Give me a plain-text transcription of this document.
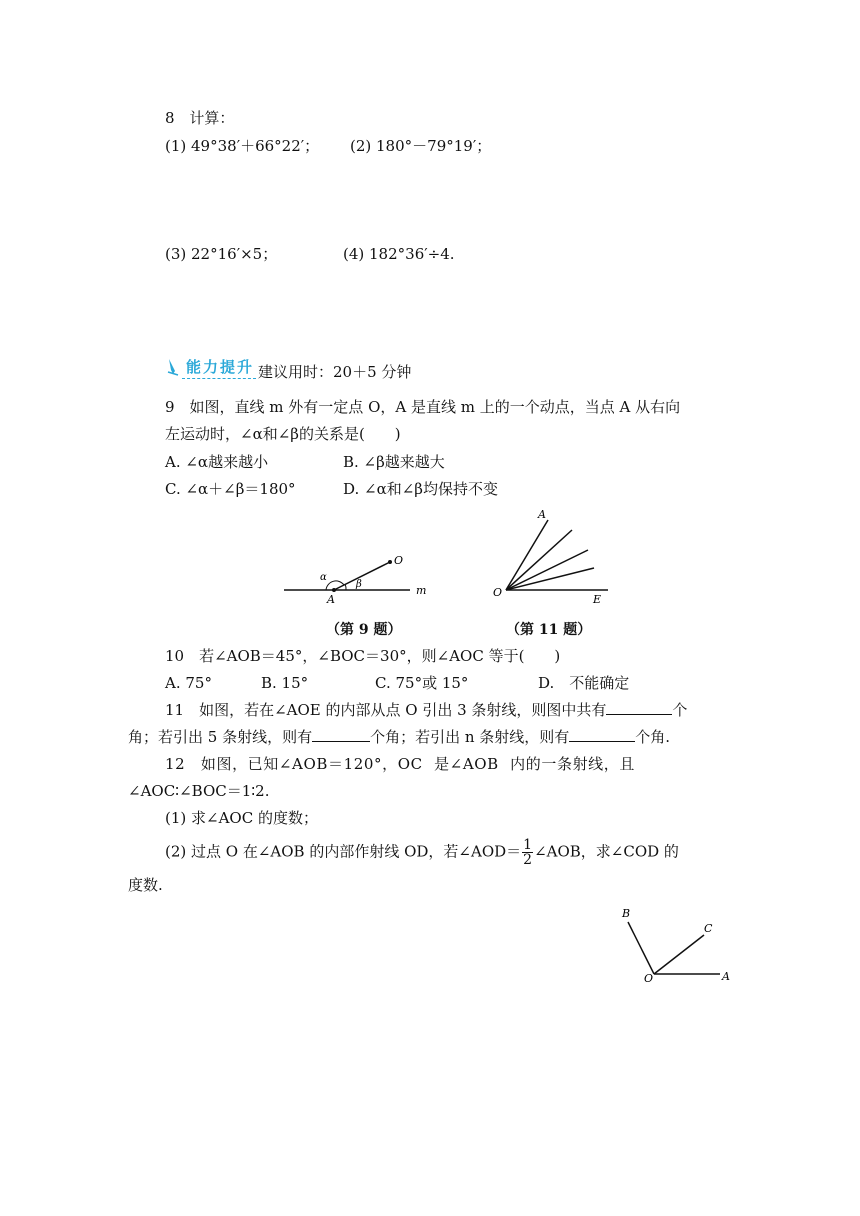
8 计算：
(1) 49°38′＋66°22′； (2) 180°－79°19′；
(3) 22°16′×5；	(4) 182°36′÷4.
能力提升 建议用时：20＋5 分钟
9　如图，直线 m 外有一定点 O，A 是直线 m 上的一个动点，当点 A 从右向
左运动时，∠α和∠β的关系是(　　)
A. ∠α越来越小	B. ∠β越来越大
C. ∠α＋∠β＝180°	D. ∠α和∠β均保持不变
O
A
m
α
β
（第 9 题）
A
O
E
（第 11 题）
10　若∠AOB＝45°，∠BOC＝30°，则∠AOC 等于(　　)
A. 75°	B. 15°	C. 75°或 15°	D.　不能确定
11　如图，若在∠AOE 的内部从点 O 引出 3 条射线，则图中共有	个
角；若引出 5 条射线，则有	个角；若引出 n 条射线，则有	个角.
12　如图，已知∠AOB＝120°，OC 是∠AOB 内的一条射线，且
∠AOC∶∠BOC＝1∶2.
(1) 求∠AOC 的度数；
(2) 过点 O 在∠AOB 的内部作射线 OD，若∠AOD＝ $\frac{1}{2}$ ∠AOB，求∠COD 的
度数.
B
C
O	A
